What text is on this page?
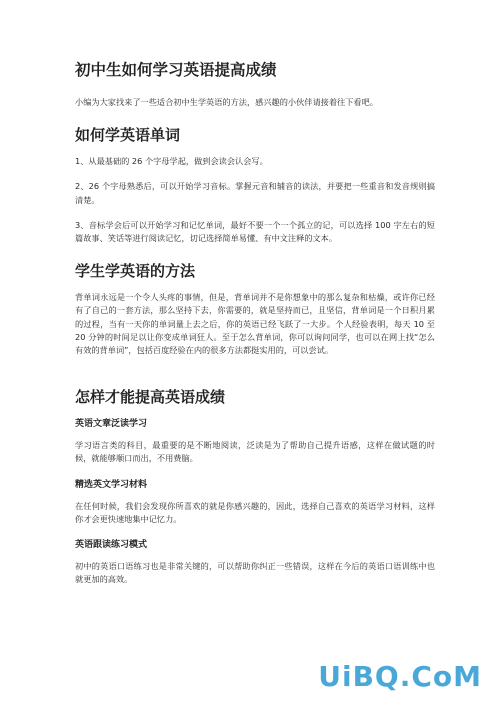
初中生如何学习英语提高成绩

小编为大家找来了一些适合初中生学英语的方法，感兴趣的小伙伴请接着往下看吧。

如何学英语单词

1、从最基础的 26 个字母学起，做到会读会认会写。

2、26 个字母熟悉后，可以开始学习音标。掌握元音和辅音的读法，并要把一些重音和发音规则搞清楚。

3、音标学会后可以开始学习和记忆单词，最好不要一个一个孤立的记，可以选择 100 字左右的短篇故事、笑话等进行阅读记忆，切记选择简单易懂、有中文注释的文本。

学生学英语的方法

背单词永远是一个令人头疼的事情，但是，背单词并不是你想象中的那么复杂和枯燥，或许你已经有了自己的一套方法，那么坚持下去，你需要的，就是坚持而已，且坚信，背单词是一个日积月累的过程，当有一天你的单词量上去之后，你的英语已经飞跃了一大步。个人经验表明，每天 10 至 20 分钟的时间足以让你变成单词狂人。至于怎么背单词，你可以询问同学，也可以在网上找“怎么有效的背单词”，包括百度经验在内的很多方法都挺实用的，可以尝试。

怎样才能提高英语成绩
英语文章泛读学习

学习语言类的科目，最重要的是不断地阅读，泛读是为了帮助自己提升语感，这样在做试题的时候，就能够顺口而出，不用费脑。

精选英文学习材料

在任何时候，我们会发现你所喜欢的就是你感兴趣的，因此，选择自己喜欢的英语学习材料，这样你才会更快速地集中记忆力。

英语跟读练习模式

初中的英语口语练习也是非常关键的，可以帮助你纠正一些错误，这样在今后的英语口语训练中也就更加的高效。

UiBQ.CoM
